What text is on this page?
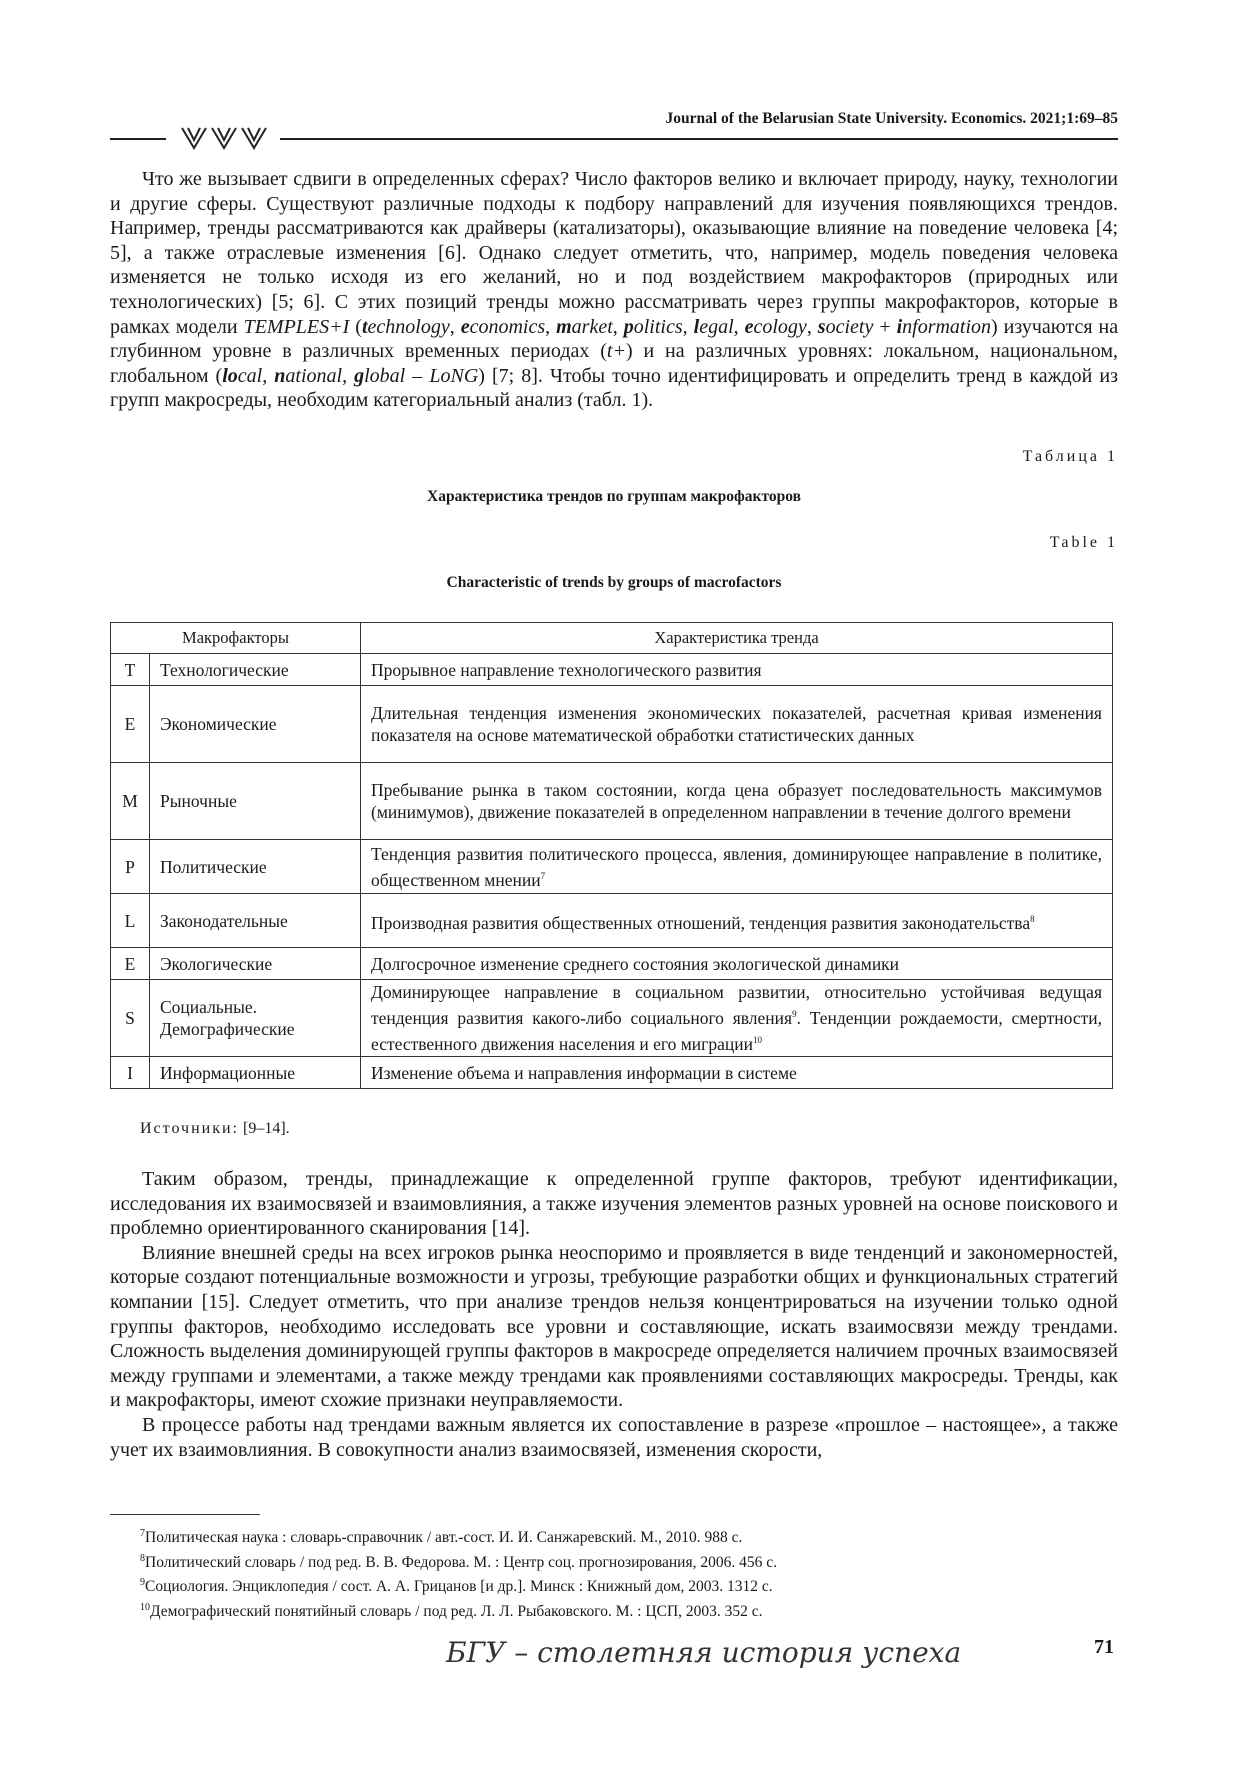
Journal of the Belarusian State University. Economics. 2021;1:69–85

Что же вызывает сдвиги в определенных сферах? Число факторов велико и включает природу, науку, технологии и другие сферы. Существуют различные подходы к подбору направлений для изучения появляющихся трендов. Например, тренды рассматриваются как драйверы (катализаторы), оказывающие влияние на поведение человека [4; 5], а также отраслевые изменения [6]. Однако следует отметить, что, например, модель поведения человека изменяется не только исходя из его желаний, но и под воздействием макрофакторов (природных или технологических) [5; 6]. С этих позиций тренды можно рассматривать через группы макрофакторов, которые в рамках модели TEMPLES+I (technology, economics, market, politics, legal, ecology, society + information) изучаются на глубинном уровне в различных временных периодах (t+) и на различных уровнях: локальном, национальном, глобальном (local, national, global – LoNG) [7; 8]. Чтобы точно идентифицировать и определить тренд в каждой из групп макросреды, необходим категориальный анализ (табл. 1).

Таблица 1
Характеристика трендов по группам макрофакторов
Table 1
Characteristic of trends by groups of macrofactors
Макрофакторы		Характеристика тренда
T	Технологические	Прорывное направление технологического развития
E	Экономические	Длительная тенденция изменения экономических показателей, расчетная кривая изменения показателя на основе математической обработки статистических данных
M	Рыночные	Пребывание рынка в таком состоянии, когда цена образует последовательность максимумов (минимумов), движение показателей в определенном направлении в течение долгого времени
P	Политические	Тенденция развития политического процесса, явления, доминирующее направление в политике, общественном мнении$^7$
L	Законодательные	Производная развития общественных отношений, тенденция развития законодательства$^8$
E	Экологические	Долгосрочное изменение среднего состояния экологической динамики
S	Социальные. Демографические	Доминирующее направление в социальном развитии, относительно устойчивая ведущая тенденция развития какого-либо социального явления$^9$. Тенденции рождаемости, смертности, естественного движения населения и его миграции$^{10}$
I	Информационные	Изменение объема и направления информации в системе
Источники: [9–14].

Таким образом, тренды, принадлежащие к определенной группе факторов, требуют идентификации, исследования их взаимосвязей и взаимовлияния, а также изучения элементов разных уровней на основе поискового и проблемно ориентированного сканирования [14].

Влияние внешней среды на всех игроков рынка неоспоримо и проявляется в виде тенденций и закономерностей, которые создают потенциальные возможности и угрозы, требующие разработки общих и функциональных стратегий компании [15]. Следует отметить, что при анализе трендов нельзя концентрироваться на изучении только одной группы факторов, необходимо исследовать все уровни и составляющие, искать взаимосвязи между трендами. Сложность выделения доминирующей группы факторов в макросреде определяется наличием прочных взаимосвязей между группами и элементами, а также между трендами как проявлениями составляющих макросреды. Тренды, как и макрофакторы, имеют схожие признаки неуправляемости.

В процессе работы над трендами важным является их сопоставление в разрезе «прошлое – настоящее», а также учет их взаимовлияния. В совокупности анализ взаимосвязей, изменения скорости,

$^7$Политическая наука : словарь-справочник / авт.-сост. И. И. Санжаревский. М., 2010. 988 с.
$^8$Политический словарь / под ред. В. В. Федорова. М. : Центр соц. прогнозирования, 2006. 456 с.
$^9$Социология. Энциклопедия / сост. А. А. Грицанов [и др.]. Минск : Книжный дом, 2003. 1312 с.
$^{10}$Демографический понятийный словарь / под ред. Л. Л. Рыбаковского. М. : ЦСП, 2003. 352 с.
БГУ – столетняя история успеха	71
